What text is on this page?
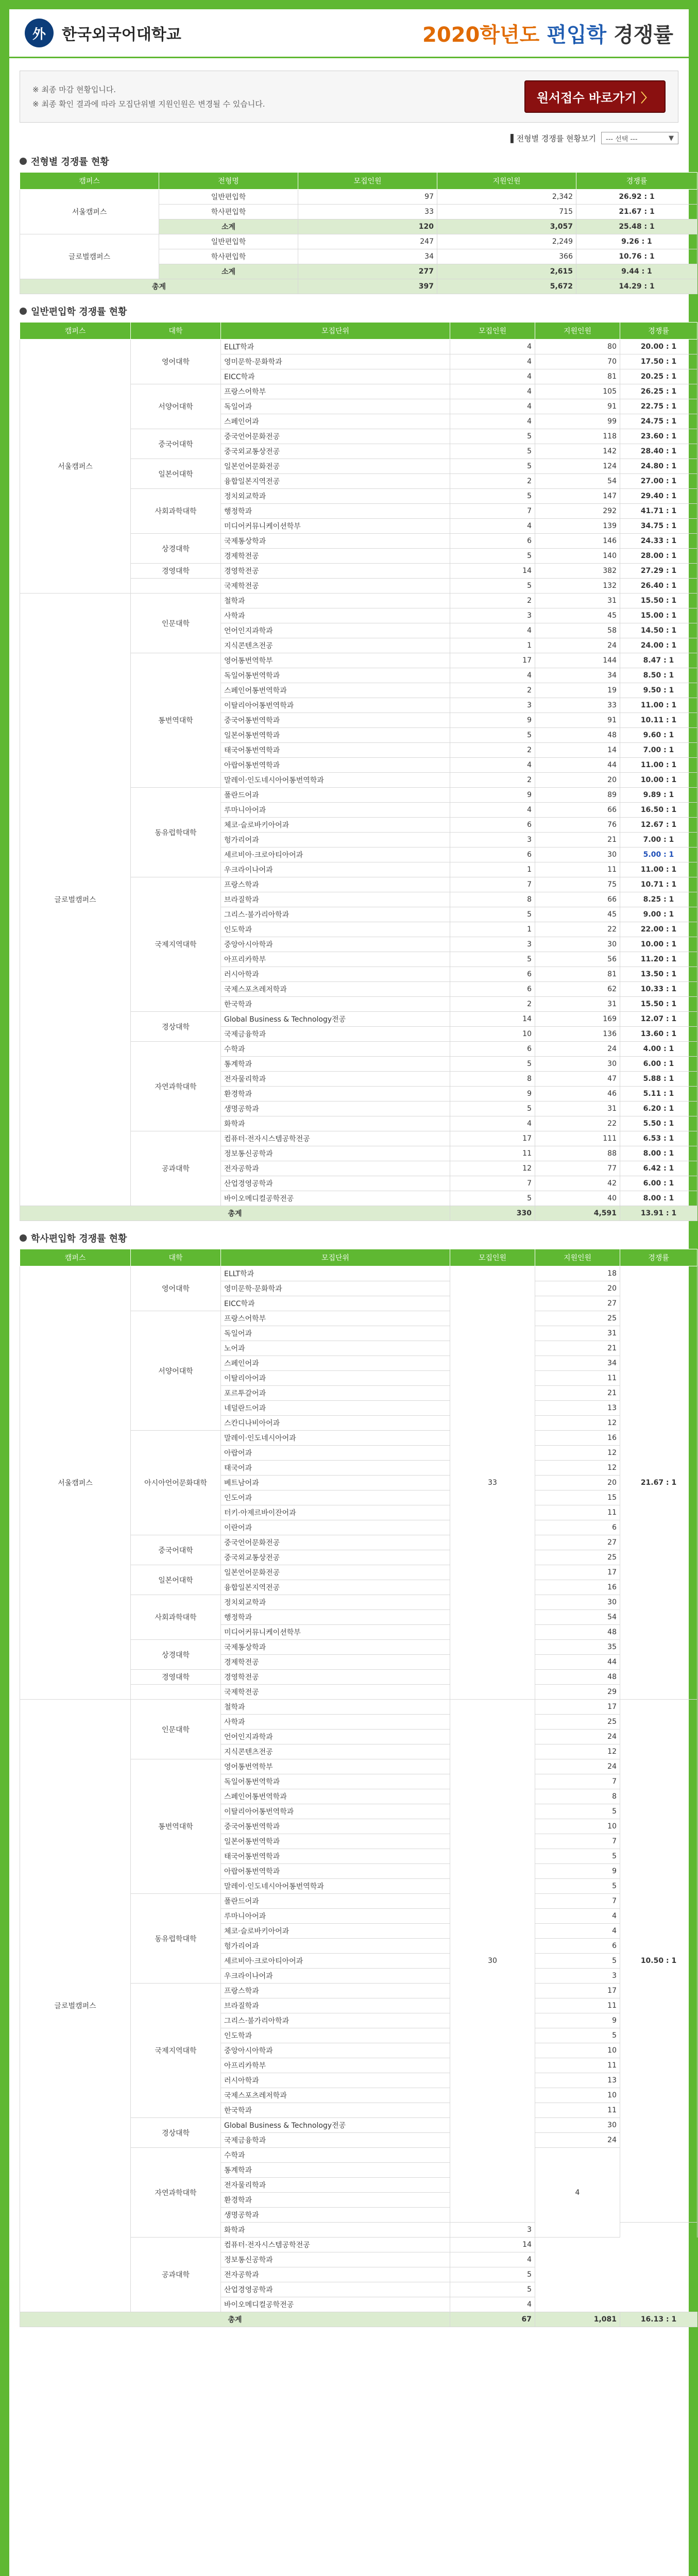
外	한국외국어대학교	2020학년도 편입학 경쟁률
※ 최종 마감 현황입니다.
※ 최종 확인 결과에 따라 모집단위별 지원인원은 변경될 수 있습니다.	원서접수 바로가기 〉
▌전형별 경쟁률 현황보기 --- 선택 ---	▼
전형별 경쟁률 현황
캠퍼스	전형명	모집인원	지원인원	경쟁률
서울캠퍼스	일반편입학	97	2,342	26.92 : 1
	학사편입학	33	715	21.67 : 1
	소계	120	3,057	25.48 : 1
글로벌캠퍼스	일반편입학	247	2,249	9.26 : 1
	학사편입학	34	366	10.76 : 1
	소계	277	2,615	9.44 : 1
총계		397	5,672	14.29 : 1
일반편입학 경쟁률 현황
캠퍼스	대학	모집단위	모집인원	지원인원	경쟁률
서울캠퍼스	영어대학	ELLT학과	4	80	20.00 : 1
		영미문학·문화학과	4	70	17.50 : 1
		EICC학과	4	81	20.25 : 1
	서양어대학	프랑스어학부	4	105	26.25 : 1
		독일어과	4	91	22.75 : 1
		스페인어과	4	99	24.75 : 1
	중국어대학	중국언어문화전공	5	118	23.60 : 1
		중국외교통상전공	5	142	28.40 : 1
	일본어대학	일본언어문화전공	5	124	24.80 : 1
		융합일본지역전공	2	54	27.00 : 1
	사회과학대학	정치외교학과	5	147	29.40 : 1
		행정학과	7	292	41.71 : 1
		미디어커뮤니케이션학부	4	139	34.75 : 1
	상경대학	국제통상학과	6	146	24.33 : 1
		경제학전공	5	140	28.00 : 1
	경영대학	경영학전공	14	382	27.29 : 1
		국제학전공	5	132	26.40 : 1
글로벌캠퍼스	인문대학	철학과	2	31	15.50 : 1
		사학과	3	45	15.00 : 1
		언어인지과학과	4	58	14.50 : 1
		지식콘텐츠전공	1	24	24.00 : 1
	통번역대학	영어통번역학부	17	144	8.47 : 1
		독일어통번역학과	4	34	8.50 : 1
		스페인어통번역학과	2	19	9.50 : 1
		이탈리아어통번역학과	3	33	11.00 : 1
		중국어통번역학과	9	91	10.11 : 1
		일본어통번역학과	5	48	9.60 : 1
		태국어통번역학과	2	14	7.00 : 1
		아랍어통번역학과	4	44	11.00 : 1
		말레이·인도네시아어통번역학과	2	20	10.00 : 1
	동유럽학대학	폴란드어과	9	89	9.89 : 1
		루마니아어과	4	66	16.50 : 1
		체코·슬로바키아어과	6	76	12.67 : 1
		헝가리어과	3	21	7.00 : 1
		세르비아·크로아티아어과	6	30	5.00 : 1
		우크라이나어과	1	11	11.00 : 1
	국제지역대학	프랑스학과	7	75	10.71 : 1
		브라질학과	8	66	8.25 : 1
		그리스·불가리아학과	5	45	9.00 : 1
		인도학과	1	22	22.00 : 1
		중앙아시아학과	3	30	10.00 : 1
		아프리카학부	5	56	11.20 : 1
		러시아학과	6	81	13.50 : 1
		국제스포츠레저학과	6	62	10.33 : 1
		한국학과	2	31	15.50 : 1
	경상대학	Global Business & Technology전공	14	169	12.07 : 1
		국제금융학과	10	136	13.60 : 1
	자연과학대학	수학과	6	24	4.00 : 1
		통계학과	5	30	6.00 : 1
		전자물리학과	8	47	5.88 : 1
		환경학과	9	46	5.11 : 1
		생명공학과	5	31	6.20 : 1
		화학과	4	22	5.50 : 1
	공과대학	컴퓨터·전자시스템공학전공	17	111	6.53 : 1
		정보통신공학과	11	88	8.00 : 1
		전자공학과	12	77	6.42 : 1
		산업경영공학과	7	42	6.00 : 1
		바이오메디컬공학전공	5	40	8.00 : 1
총계			330	4,591	13.91 : 1
학사편입학 경쟁률 현황
캠퍼스	대학	모집단위	모집인원	지원인원	경쟁률	
서울캠퍼스	영어대학	ELLT학과	33	18	21.67 : 1	
		영미문학·문화학과		20		
		EICC학과		27		
	서양어대학	프랑스어학부		25		
		독일어과		31		
		노어과		21		
		스페인어과		34		
		이탈리아어과		11		
		포르투갈어과		21		
		네덜란드어과		13		
		스칸디나비아어과		12		
	아시아언어문화대학	말레이·인도네시아어과		16		
		아랍어과		12		
		태국어과		12		
		베트남어과		20		
		인도어과		15		
		터키·아제르바이잔어과		11		
		이란어과		6		
	중국어대학	중국언어문화전공		27		
		중국외교통상전공		25		
	일본어대학	일본언어문화전공		17		
		융합일본지역전공		16		
	사회과학대학	정치외교학과		30		
		행정학과		54		
		미디어커뮤니케이션학부		48		
	상경대학	국제통상학과		35		
		경제학전공		44		
	경영대학	경영학전공		48		
		국제학전공		29		
글로벌캠퍼스	인문대학	철학과	30	17	10.50 : 1	
		사학과		25		
		언어인지과학과		24		
		지식콘텐츠전공		12		
	통번역대학	영어통번역학부		24		
		독일어통번역학과		7		
		스페인어통번역학과		8		
		이탈리아어통번역학과		5		
		중국어통번역학과		10		
		일본어통번역학과		7		
		태국어통번역학과		5		
		아랍어통번역학과		9		
		말레이·인도네시아어통번역학과		5		
	동유럽학대학	폴란드어과		7		
		루마니아어과		4		
		체코·슬로바키아어과		4		
		헝가리어과		6		
		세르비아·크로아티아어과		5		
		우크라이나어과		3		
	국제지역대학	프랑스학과		17		
		브라질학과		11		
		그리스·불가리아학과		9		
		인도학과		5		
		중앙아시아학과		10		
		아프리카학부		11		
		러시아학과		13		
		국제스포츠레저학과		10		
		한국학과		11		
	경상대학	Global Business & Technology전공		30		
		국제금융학과		24		
	자연과학대학	수학과		4		
		통계학과	
		전자물리학과	
		환경학과	
		생명공학과	
		화학과	3			
	공과대학	컴퓨터·전자시스템공학전공	14			
		정보통신공학과	4			
		전자공학과	5			
		산업경영공학과	5			
		바이오메디컬공학전공	4			
총계			67	1,081	16.13 : 1	
